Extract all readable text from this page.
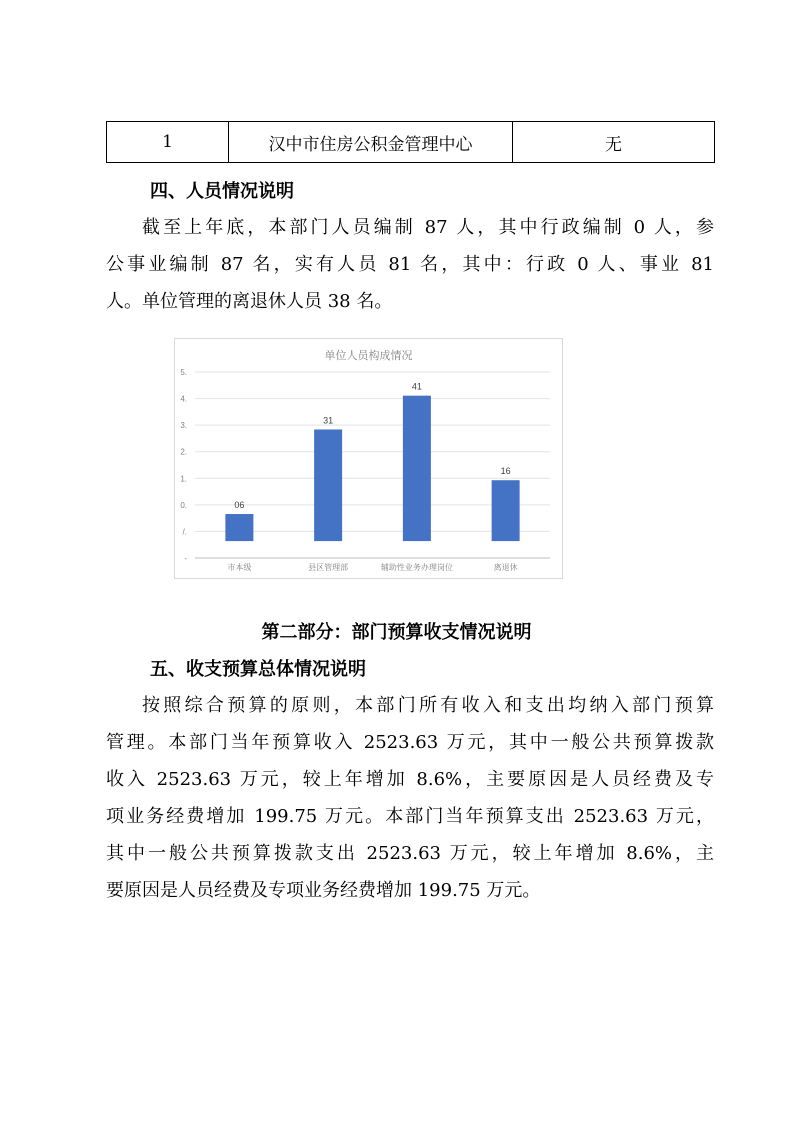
1	汉中市住房公积金管理中心	无
四、人员情况说明
截至上年底，本部门人员编制 87 人，其中行政编制 0 人，参
公事业编制 87 名，实有人员 81 名，其中：行政 0 人、事业 81
人。单位管理的离退休人员 38 名。
单位人员构成情况
-
/.
0.
1.
2.
3.
4.
5.
06
市本级
31
县区管理部
41
辅助性业务办理岗位
16
离退休
第二部分：部门预算收支情况说明
五、收支预算总体情况说明
按照综合预算的原则，本部门所有收入和支出均纳入部门预算
管理。本部门当年预算收入 2523.63 万元，其中一般公共预算拨款
收入 2523.63 万元，较上年增加 8.6%，主要原因是人员经费及专
项业务经费增加 199.75 万元。本部门当年预算支出 2523.63 万元，
其中一般公共预算拨款支出 2523.63 万元，较上年增加 8.6%，主
要原因是人员经费及专项业务经费增加 199.75 万元。
